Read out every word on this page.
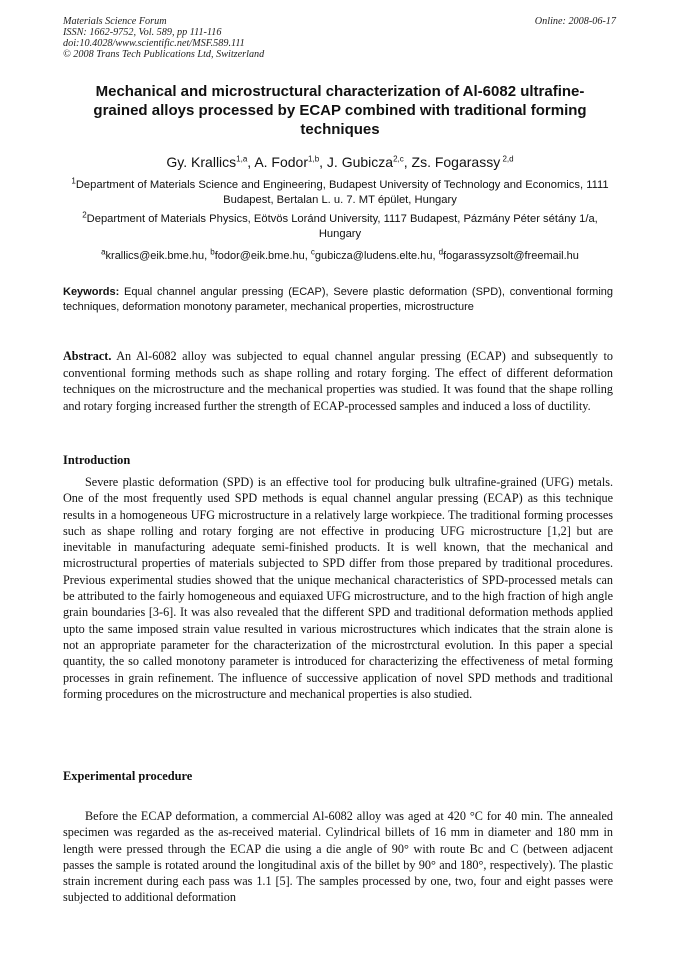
Materials Science Forum
ISSN: 1662-9752, Vol. 589, pp 111-116
doi:10.4028/www.scientific.net/MSF.589.111
© 2008 Trans Tech Publications Ltd, Switzerland
Online: 2008-06-17
Mechanical and microstructural characterization of Al-6082 ultrafine-grained alloys processed by ECAP combined with traditional forming techniques
Gy. Krallics$^{1,a}$, A. Fodor$^{1,b}$, J. Gubicza$^{2,c}$, Zs. Fogarassy $^{2,d}$
$^1$Department of Materials Science and Engineering, Budapest University of Technology and Economics, 1111 Budapest, Bertalan L. u. 7. MT épület, Hungary
$^2$Department of Materials Physics, Eötvös Loránd University, 1117 Budapest, Pázmány Péter sétány 1/a, Hungary
$^a$krallics@eik.bme.hu, $^b$fodor@eik.bme.hu, $^c$gubicza@ludens.elte.hu, $^d$fogarassyzsolt@freemail.hu
Keywords: Equal channel angular pressing (ECAP), Severe plastic deformation (SPD), conventional forming techniques, deformation monotony parameter, mechanical properties, microstructure
Abstract. An Al-6082 alloy was subjected to equal channel angular pressing (ECAP) and subsequently to conventional forming methods such as shape rolling and rotary forging. The effect of different deformation techniques on the microstructure and the mechanical properties was studied. It was found that the shape rolling and rotary forging increased further the strength of ECAP-processed samples and induced a loss of ductility.
Introduction
Severe plastic deformation (SPD) is an effective tool for producing bulk ultrafine-grained (UFG) metals. One of the most frequently used SPD methods is equal channel angular pressing (ECAP) as this technique results in a homogeneous UFG microstructure in a relatively large workpiece. The traditional forming processes such as shape rolling and rotary forging are not effective in producing UFG microstructure [1,2] but are inevitable in manufacturing adequate semi-finished products. It is well known, that the mechanical and microstructural properties of materials subjected to SPD differ from those prepared by traditional procedures. Previous experimental studies showed that the unique mechanical characteristics of SPD-processed metals can be attributed to the fairly homogeneous and equiaxed UFG microstructure, and to the high fraction of high angle grain boundaries [3-6]. It was also revealed that the different SPD and traditional deformation methods applied upto the same imposed strain value resulted in various microstructures which indicates that the strain alone is not an appropriate parameter for the characterization of the microstrctural evolution. In this paper a special quantity, the so called monotony parameter is introduced for characterizing the effectiveness of metal forming processes in grain refinement. The influence of successive application of novel SPD methods and traditional forming procedures on the microstructure and mechanical properties is also studied.
Experimental procedure
Before the ECAP deformation, a commercial Al-6082 alloy was aged at 420 °C for 40 min. The annealed specimen was regarded as the as-received material. Cylindrical billets of 16 mm in diameter and 180 mm in length were pressed through the ECAP die using a die angle of 90° with route Bc and C (between adjacent passes the sample is rotated around the longitudinal axis of the billet by 90° and 180°, respectively). The plastic strain increment during each pass was 1.1 [5]. The samples processed by one, two, four and eight passes were subjected to additional deformation
